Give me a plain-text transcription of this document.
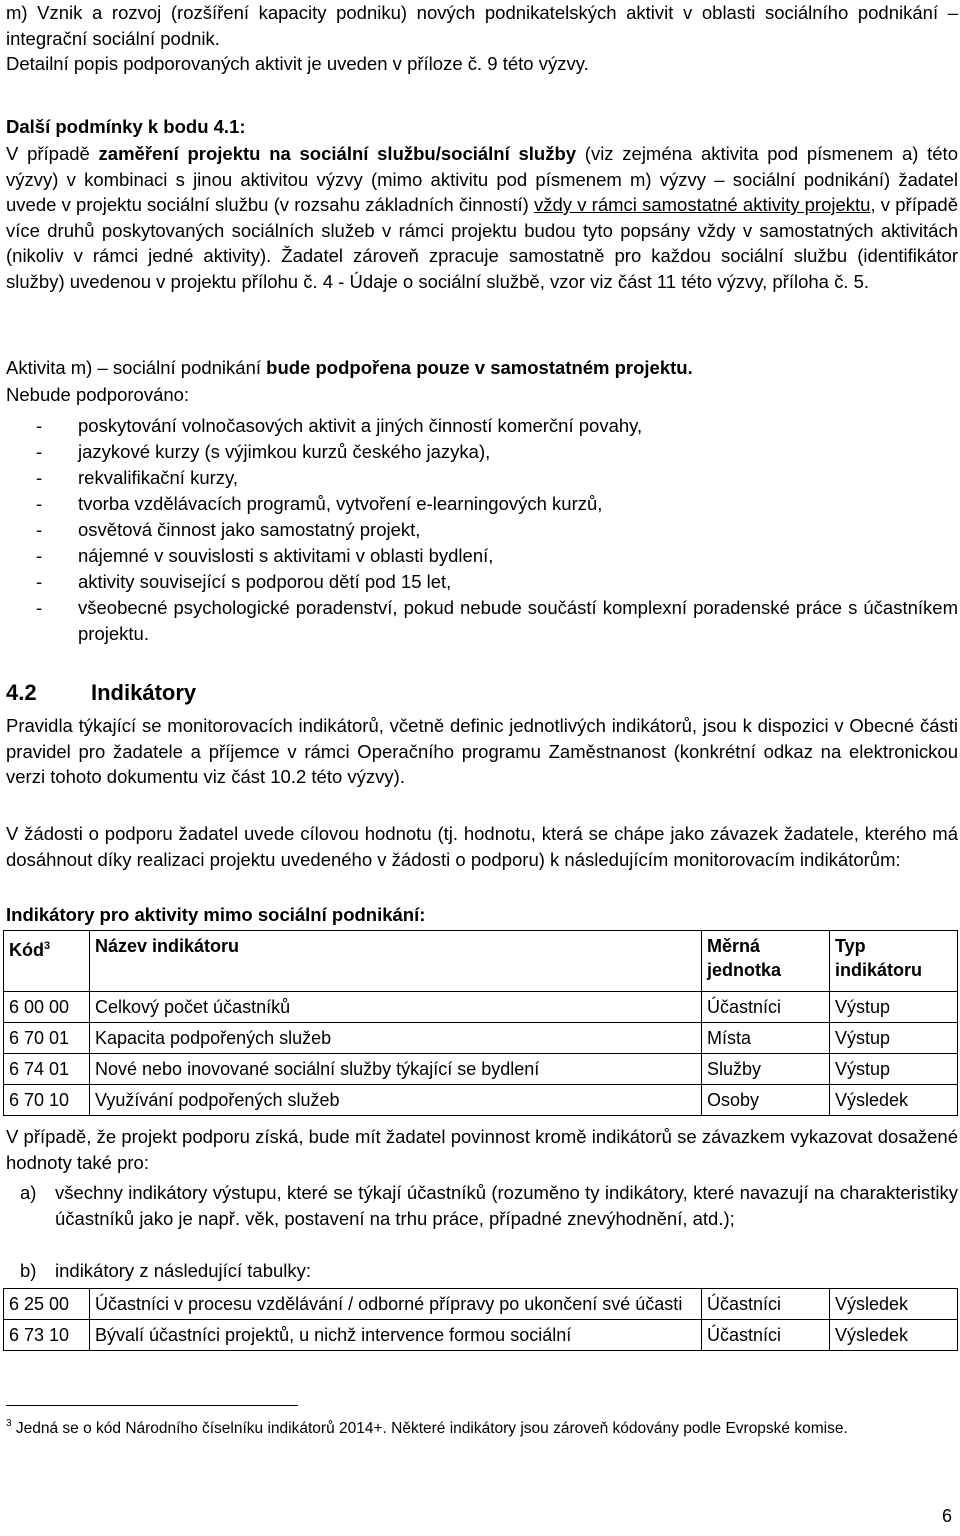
m) Vznik a rozvoj (rozšíření kapacity podniku) nových podnikatelských aktivit v oblasti sociálního podnikání – integrační sociální podnik.
Detailní popis podporovaných aktivit je uveden v příloze č. 9 této výzvy.
Další podmínky k bodu 4.1:
V případě zaměření projektu na sociální službu/sociální služby (viz zejména aktivita pod písmenem a) této výzvy) v kombinaci s jinou aktivitou výzvy (mimo aktivitu pod písmenem m) výzvy – sociální podnikání) žadatel uvede v projektu sociální službu (v rozsahu základních činností) vždy v rámci samostatné aktivity projektu, v případě více druhů poskytovaných sociálních služeb v rámci projektu budou tyto popsány vždy v samostatných aktivitách (nikoliv v rámci jedné aktivity). Žadatel zároveň zpracuje samostatně pro každou sociální službu (identifikátor služby) uvedenou v projektu přílohu č. 4 - Údaje o sociální službě, vzor viz část 11 této výzvy, příloha č. 5.
Aktivita m) – sociální podnikání bude podpořena pouze v samostatném projektu.
Nebude podporováno:
- poskytování volnočasových aktivit a jiných činností komerční povahy,
- jazykové kurzy (s výjimkou kurzů českého jazyka),
- rekvalifikační kurzy,
- tvorba vzdělávacích programů, vytvoření e-learningových kurzů,
- osvětová činnost jako samostatný projekt,
- nájemné v souvislosti s aktivitami v oblasti bydlení,
- aktivity související s podporou dětí pod 15 let,
- všeobecné psychologické poradenství, pokud nebude součástí komplexní poradenské práce s účastníkem projektu.
4.2 Indikátory
Pravidla týkající se monitorovacích indikátorů, včetně definic jednotlivých indikátorů, jsou k dispozici v Obecné části pravidel pro žadatele a příjemce v rámci Operačního programu Zaměstnanost (konkrétní odkaz na elektronickou verzi tohoto dokumentu viz část 10.2 této výzvy).
V žádosti o podporu žadatel uvede cílovou hodnotu (tj. hodnotu, která se chápe jako závazek žadatele, kterého má dosáhnout díky realizaci projektu uvedeného v žádosti o podporu) k následujícím monitorovacím indikátorům:
Indikátory pro aktivity mimo sociální podnikání:
Kód$^3$	Název indikátoru	Měrná jednotka	Typ indikátoru
6 00 00	Celkový počet účastníků	Účastníci	Výstup
6 70 01	Kapacita podpořených služeb	Místa	Výstup
6 74 01	Nové nebo inovované sociální služby týkající se bydlení	Služby	Výstup
6 70 10	Využívání podpořených služeb	Osoby	Výsledek
V případě, že projekt podporu získá, bude mít žadatel povinnost kromě indikátorů se závazkem vykazovat dosažené hodnoty také pro:
a) všechny indikátory výstupu, které se týkají účastníků (rozuměno ty indikátory, které navazují na charakteristiky účastníků jako je např. věk, postavení na trhu práce, případné znevýhodnění, atd.);
b) indikátory z následující tabulky:
6 25 00	Účastníci v procesu vzdělávání / odborné přípravy po ukončení své účasti	Účastníci	Výsledek
6 73 10	Bývalí účastníci projektů, u nichž intervence formou sociální	Účastníci	Výsledek
$^3$ Jedná se o kód Národního číselníku indikátorů 2014+. Některé indikátory jsou zároveň kódovány podle Evropské komise.
6
